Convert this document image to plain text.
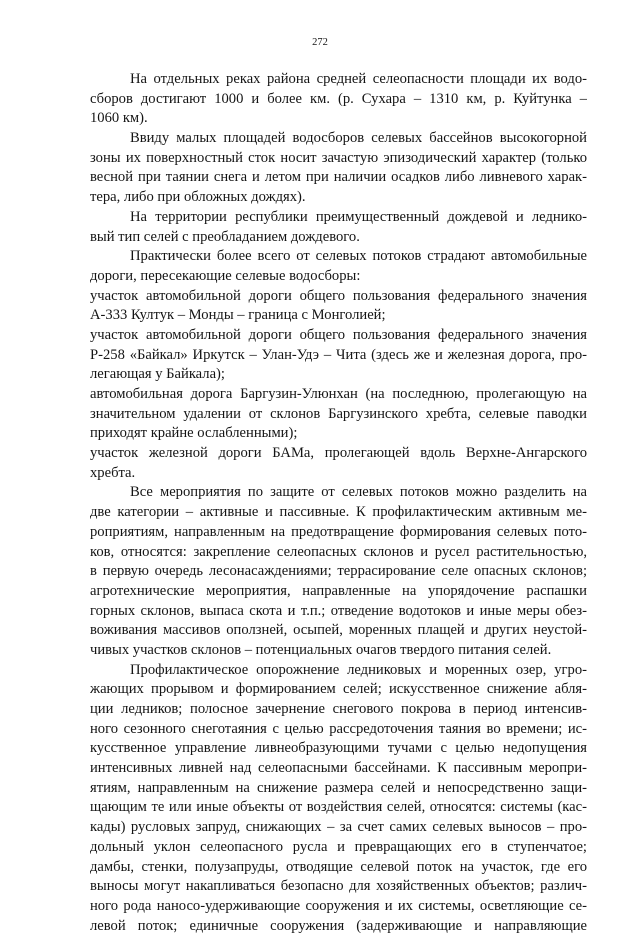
272
На отдельных реках района средней селеопасности площади их водо-
сборов достигают 1000 и более км. (р. Сухара – 1310 км, р. Куйтунка –
1060 км).
Ввиду малых площадей водосборов селевых бассейнов высокогорной
зоны их поверхностный сток носит зачастую эпизодический характер (только
весной при таянии снега и летом при наличии осадков либо ливневого харак-
тера, либо при обложных дождях).
На территории республики преимущественный дождевой и леднико-
вый тип селей с преобладанием дождевого.
Практически более всего от селевых потоков страдают автомобильные
дороги, пересекающие селевые водосборы:
участок автомобильной дороги общего пользования федерального значения
А-333 Култук – Монды – граница с Монголией;
участок автомобильной дороги общего пользования федерального значения
Р-258 «Байкал» Иркутск – Улан-Удэ – Чита (здесь же и железная дорога, про-
легающая у Байкала);
автомобильная дорога Баргузин-Улюнхан (на последнюю, пролегающую на
значительном удалении от склонов Баргузинского хребта, селевые паводки
приходят крайне ослабленными);
участок железной дороги БАМа, пролегающей вдоль Верхне-Ангарского
хребта.
Все мероприятия по защите от селевых потоков можно разделить на
две категории – активные и пассивные. К профилактическим активным ме-
роприятиям, направленным на предотвращение формирования селевых пото-
ков, относятся: закрепление селеопасных склонов и русел растительностью,
в первую очередь лесонасаждениями; террасирование селе опасных склонов;
агротехнические мероприятия, направленные на упорядочение распашки
горных склонов, выпаса скота и т.п.; отведение водотоков и иные меры обез-
воживания массивов оползней, осыпей, моренных плащей и других неустой-
чивых участков склонов – потенциальных очагов твердого питания селей.
Профилактическое опорожнение ледниковых и моренных озер, угро-
жающих прорывом и формированием селей; искусственное снижение абля-
ции ледников; полосное зачернение снегового покрова в период интенсив-
ного сезонного снеготаяния с целью рассредоточения таяния во времени; ис-
кусственное управление ливнеобразующими тучами с целью недопущения
интенсивных ливней над селеопасными бассейнами. К пассивным меропри-
ятиям, направленным на снижение размера селей и непосредственно защи-
щающим те или иные объекты от воздействия селей, относятся: системы (кас-
кады) русловых запруд, снижающих – за счет самих селевых выносов – про-
дольный уклон селеопасного русла и превращающих его в ступенчатое;
дамбы, стенки, полузапруды, отводящие селевой поток на участок, где его
выносы могут накапливаться безопасно для хозяйственных объектов; различ-
ного рода наносо-удерживающие сооружения и их системы, осветляющие се-
левой поток; единичные сооружения (задерживающие и направляющие
